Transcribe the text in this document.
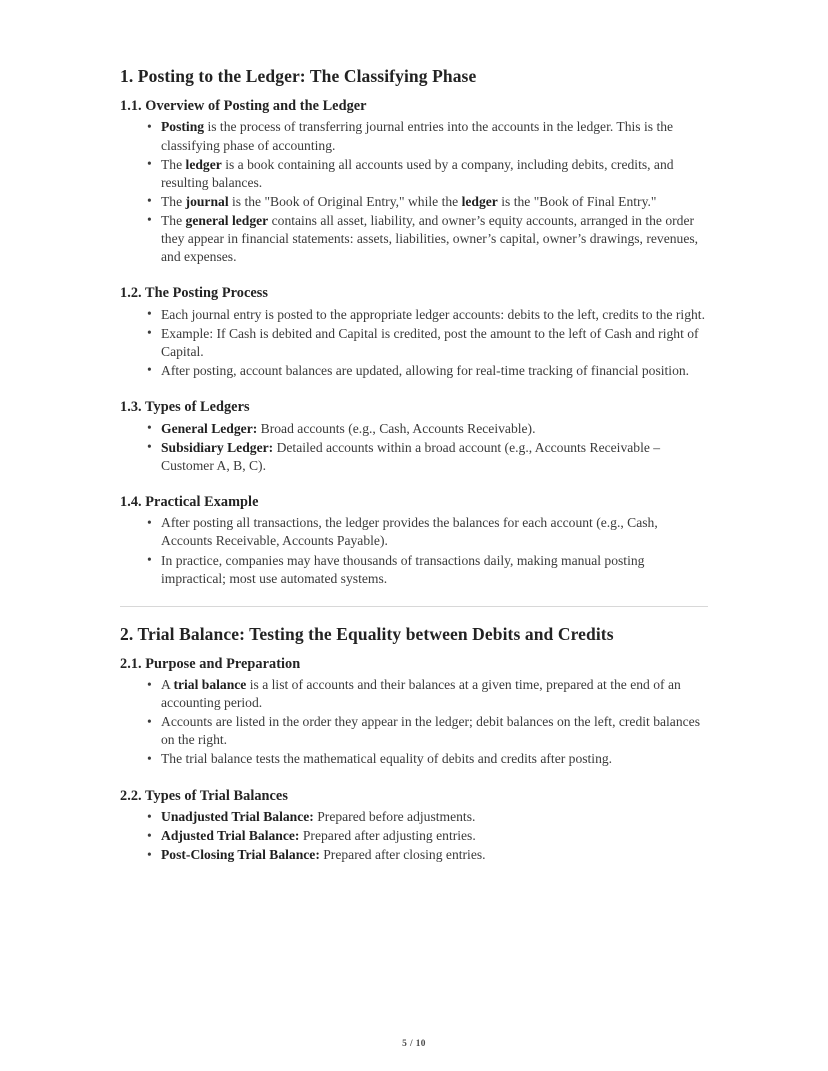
1. Posting to the Ledger: The Classifying Phase
1.1. Overview of Posting and the Ledger
• Posting is the process of transferring journal entries into the accounts in the ledger. This is the classifying phase of accounting.
• The ledger is a book containing all accounts used by a company, including debits, credits, and resulting balances.
• The journal is the "Book of Original Entry," while the ledger is the "Book of Final Entry."
• The general ledger contains all asset, liability, and owner’s equity accounts, arranged in the order they appear in financial statements: assets, liabilities, owner’s capital, owner’s drawings, revenues, and expenses.
1.2. The Posting Process
• Each journal entry is posted to the appropriate ledger accounts: debits to the left, credits to the right.
• Example: If Cash is debited and Capital is credited, post the amount to the left of Cash and right of Capital.
• After posting, account balances are updated, allowing for real-time tracking of financial position.
1.3. Types of Ledgers
• General Ledger: Broad accounts (e.g., Cash, Accounts Receivable).
• Subsidiary Ledger: Detailed accounts within a broad account (e.g., Accounts Receivable – Customer A, B, C).
1.4. Practical Example
• After posting all transactions, the ledger provides the balances for each account (e.g., Cash, Accounts Receivable, Accounts Payable).
• In practice, companies may have thousands of transactions daily, making manual posting impractical; most use automated systems.
2. Trial Balance: Testing the Equality between Debits and Credits
2.1. Purpose and Preparation
• A trial balance is a list of accounts and their balances at a given time, prepared at the end of an accounting period.
• Accounts are listed in the order they appear in the ledger; debit balances on the left, credit balances on the right.
• The trial balance tests the mathematical equality of debits and credits after posting.
2.2. Types of Trial Balances
• Unadjusted Trial Balance: Prepared before adjustments.
• Adjusted Trial Balance: Prepared after adjusting entries.
• Post-Closing Trial Balance: Prepared after closing entries.
5 / 10
